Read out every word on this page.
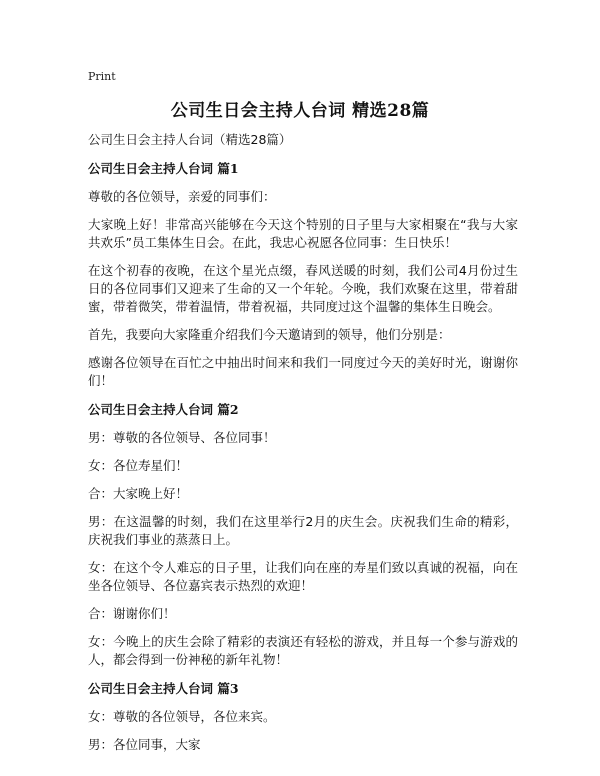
Print
公司生日会主持人台词 精选28篇

公司生日会主持人台词（精选28篇）

公司生日会主持人台词 篇1

尊敬的各位领导，亲爱的同事们：

大家晚上好！非常高兴能够在今天这个特别的日子里与大家相聚在“我与大家共欢乐”员工集体生日会。在此，我忠心祝愿各位同事：生日快乐！

在这个初春的夜晚，在这个星光点缀，春风送暖的时刻，我们公司4月份过生日的各位同事们又迎来了生命的又一个年轮。今晚，我们欢聚在这里，带着甜蜜，带着微笑，带着温情，带着祝福，共同度过这个温馨的集体生日晚会。

首先，我要向大家隆重介绍我们今天邀请到的领导，他们分别是：

感谢各位领导在百忙之中抽出时间来和我们一同度过今天的美好时光，谢谢你们！

公司生日会主持人台词 篇2

男：尊敬的各位领导、各位同事！

女：各位寿星们！

合：大家晚上好！

男：在这温馨的时刻，我们在这里举行2月的庆生会。庆祝我们生命的精彩，庆祝我们事业的蒸蒸日上。

女：在这个令人难忘的日子里，让我们向在座的寿星们致以真诚的祝福，向在坐各位领导、各位嘉宾表示热烈的欢迎！

合：谢谢你们！

女：今晚上的庆生会除了精彩的表演还有轻松的游戏，并且每一个参与游戏的人，都会得到一份神秘的新年礼物！

公司生日会主持人台词 篇3

女：尊敬的各位领导，各位来宾。

男：各位同事，大家
